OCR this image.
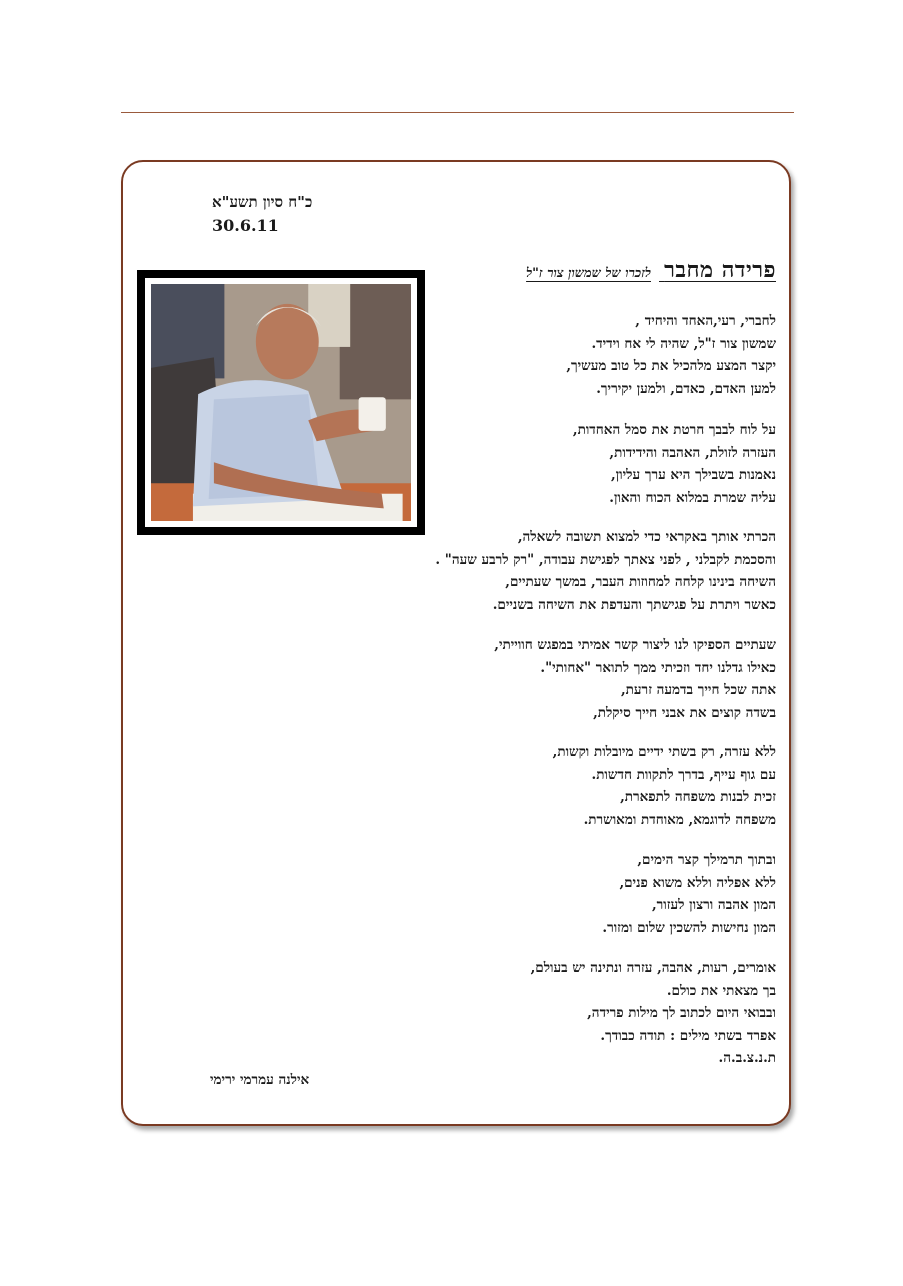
כ"ח סיון תשע"א
30.6.11
פרידה מחבר לזכרו של שמשון צור ז"ל
לחברי, רעי,האחד והיחיד ,
שמשון צור ז"ל, שהיה לי אח וידיד.
יקצר המצע מלהכיל את כל טוב מעשיך,
למען האדם, כאדם, ולמען יקיריך.
על לוח לבבך חרטת את סמל האחדות,
העזרה לזולת, האהבה והידידות,
נאמנות בשבילך היא ערך עליון,
עליה שמרת במלוא הכוח והאון.
הכרתי אותך באקראי כדי למצוא תשובה לשאלה,
והסכמת לקבלני , לפני צאתך לפגישת עבודה, "רק לרבע שעה" .
השיחה בינינו קלחה למחוזות העבר, במשך שעתיים,
כאשר ויתרת על פגישתך והעדפת את השיחה בשניים.
שעתיים הספיקו לנו ליצור קשר אמיתי במפגש חווייתי,
כאילו גדלנו יחד וזכיתי ממך לתואר "אחותי".
אתה שכל חייך בדמעה זרעת,
בשדה קוצים את אבני חייך סיקלת,
ללא עזרה, רק בשתי ידיים מיובלות וקשות,
עם גוף עייף, בדרך לתקוות חדשות.
זכית לבנות משפחה לתפארת,
משפחה לדוגמא, מאוחדת ומאושרת.
ובתוך תרמילך קצר הימים,
ללא אפליה וללא משוא פנים,
המון אהבה ורצון לעזור,
המון נחישות להשכין שלום ומזור.
אומרים, רעות, אהבה, עזרה ונתינה יש בעולם,
בך מצאתי את כולם.
ובבואי היום לכתוב לך מילות פרידה,
אפרד בשתי מילים : תודה כבודך.
ת.נ.צ.ב.ה.
אילנה עמרמי ירימי
